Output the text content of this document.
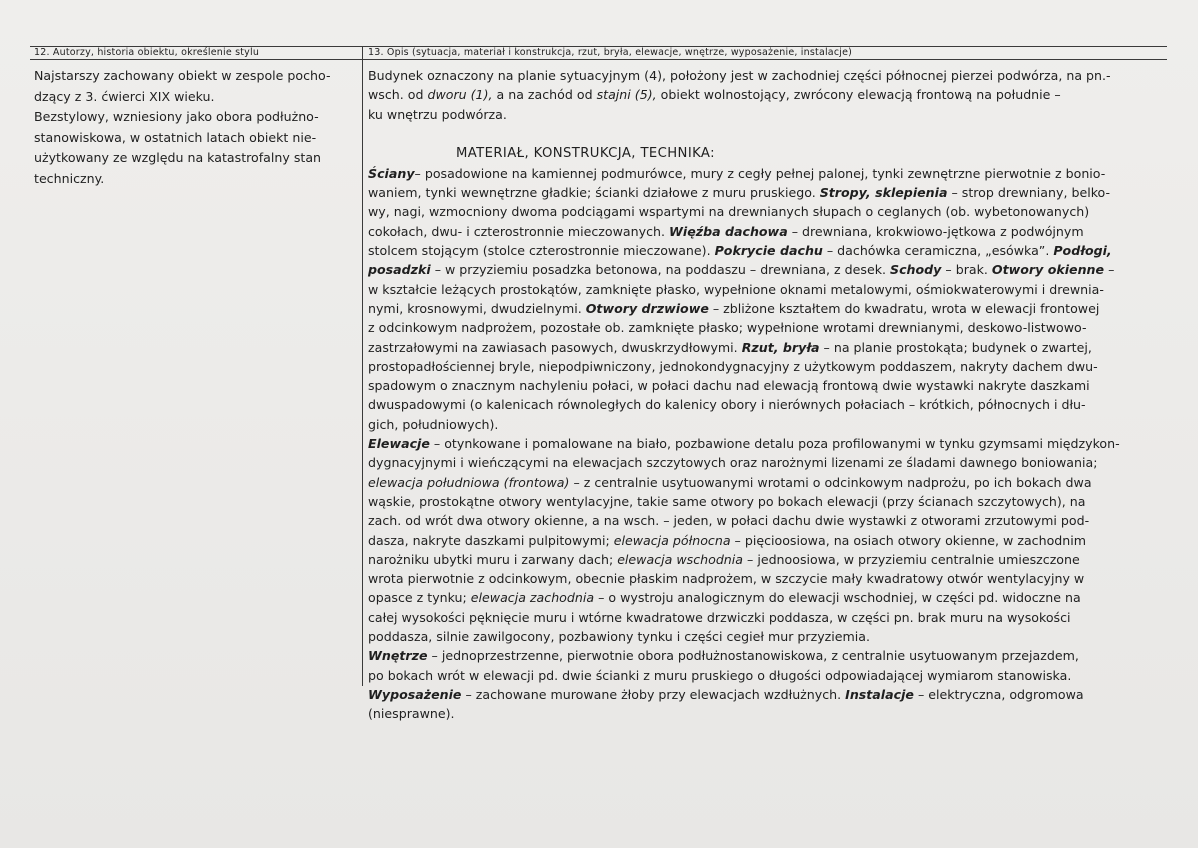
12. Autorzy, historia obiektu, określenie stylu	13. Opis (sytuacja, materiał i konstrukcja, rzut, bryła, elewacje, wnętrze, wyposażenie, instalacje)

Najstarszy zachowany obiekt w zespole pocho-

dzący z 3. ćwierci XIX wieku.

Bezstylowy, wzniesiony jako obora podłużno-

stanowiskowa, w ostatnich latach obiekt nie-

użytkowany ze względu na katastrofalny stan

techniczny.

Budynek oznaczony na planie sytuacyjnym (4), położony jest w zachodniej części północnej pierzei podwórza, na pn.-

wsch. od dworu (1), a na zachód od stajni (5), obiekt wolnostojący, zwrócony elewacją frontową na południe –

ku wnętrzu podwórza.

MATERIAŁ, KONSTRUKCJA, TECHNIKA:

Ściany– posadowione na kamiennej podmurówce, mury z cegły pełnej palonej, tynki zewnętrzne pierwotnie z bonio-

waniem, tynki wewnętrzne gładkie; ścianki działowe z muru pruskiego. Stropy, sklepienia – strop drewniany, belko-

wy, nagi, wzmocniony dwoma podciągami wspartymi na drewnianych słupach o ceglanych (ob. wybetonowanych)

cokołach, dwu- i czterostronnie mieczowanych. Więźba dachowa – drewniana, krokwiowo-jętkowa z podwójnym

stolcem stojącym (stolce czterostronnie mieczowane). Pokrycie dachu – dachówka ceramiczna, „esówka”. Podłogi,

posadzki – w przyziemiu posadzka betonowa, na poddaszu – drewniana, z desek. Schody – brak. Otwory okienne –

w kształcie leżących prostokątów, zamknięte płasko, wypełnione oknami metalowymi, ośmiokwaterowymi i drewnia-

nymi, krosnowymi, dwudzielnymi. Otwory drzwiowe – zbliżone kształtem do kwadratu, wrota w elewacji frontowej

z odcinkowym nadprożem, pozostałe ob. zamknięte płasko; wypełnione wrotami drewnianymi, deskowo-listwowo-

zastrzałowymi na zawiasach pasowych, dwuskrzydłowymi. Rzut, bryła – na planie prostokąta; budynek o zwartej,

prostopadłościennej bryle, niepodpiwniczony, jednokondygnacyjny z użytkowym poddaszem, nakryty dachem dwu-

spadowym o znacznym nachyleniu połaci, w połaci dachu nad elewacją frontową dwie wystawki nakryte daszkami

dwuspadowymi (o kalenicach równoległych do kalenicy obory i nierównych połaciach – krótkich, północnych i dłu-

gich, południowych).

Elewacje – otynkowane i pomalowane na biało, pozbawione detalu poza profilowanymi w tynku gzymsami międzykon-

dygnacyjnymi i wieńczącymi na elewacjach szczytowych oraz narożnymi lizenami ze śladami dawnego boniowania;

elewacja południowa (frontowa) – z centralnie usytuowanymi wrotami o odcinkowym nadprożu, po ich bokach dwa

wąskie, prostokątne otwory wentylacyjne, takie same otwory po bokach elewacji (przy ścianach szczytowych), na

zach. od wrót dwa otwory okienne, a na wsch. – jeden, w połaci dachu dwie wystawki z otworami zrzutowymi pod-

dasza, nakryte daszkami pulpitowymi; elewacja północna – pięcioosiowa, na osiach otwory okienne, w zachodnim

narożniku ubytki muru i zarwany dach; elewacja wschodnia – jednoosiowa, w przyziemiu centralnie umieszczone

wrota pierwotnie z odcinkowym, obecnie płaskim nadprożem, w szczycie mały kwadratowy otwór wentylacyjny w

opasce z tynku; elewacja zachodnia – o wystroju analogicznym do elewacji wschodniej, w części pd. widoczne na

całej wysokości pęknięcie muru i wtórne kwadratowe drzwiczki poddasza, w części pn. brak muru na wysokości

poddasza, silnie zawilgocony, pozbawiony tynku i części cegieł mur przyziemia.

Wnętrze – jednoprzestrzenne, pierwotnie obora podłużnostanowiskowa, z centralnie usytuowanym przejazdem,

po bokach wrót w elewacji pd. dwie ścianki z muru pruskiego o długości odpowiadającej wymiarom stanowiska.

Wyposażenie – zachowane murowane żłoby przy elewacjach wzdłużnych. Instalacje – elektryczna, odgromowa

(niesprawne).
